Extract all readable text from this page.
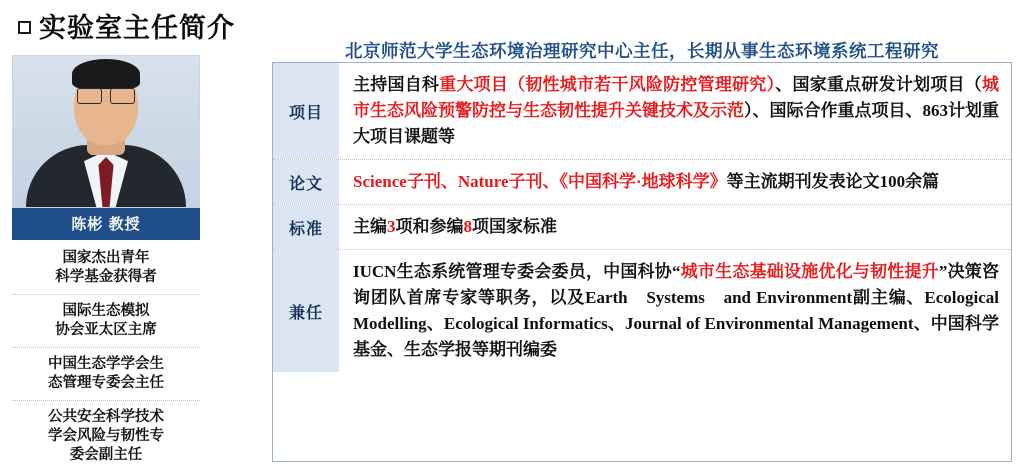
实验室主任简介
陈彬 教授
国家杰出青年
科学基金获得者
国际生态模拟
协会亚太区主席
中国生态学学会生
态管理专委会主任
公共安全科学技术
学会风险与韧性专
委会副主任
北京师范大学生态环境治理研究中心主任，长期从事生态环境系统工程研究
项目
主持国自科重大项目（韧性城市若干风险防控管理研究）、国家重点研发计划项目（城市生态风险预警防控与生态韧性提升关键技术及示范）、国际合作重点项目、863计划重大项目课题等
论文	Science子刊、Nature子刊、《中国科学·地球科学》等主流期刊发表论文100余篇
标准	主编3项和参编8项国家标准
兼任
IUCN生态系统管理专委会委员，中国科协“城市生态基础设施优化与韧性提升”决策咨询团队首席专家等职务，以及Earth　Systems　and Environment副主编、Ecological Modelling、Ecological Informatics、Journal of Environmental Management、中国科学基金、生态学报等期刊编委
